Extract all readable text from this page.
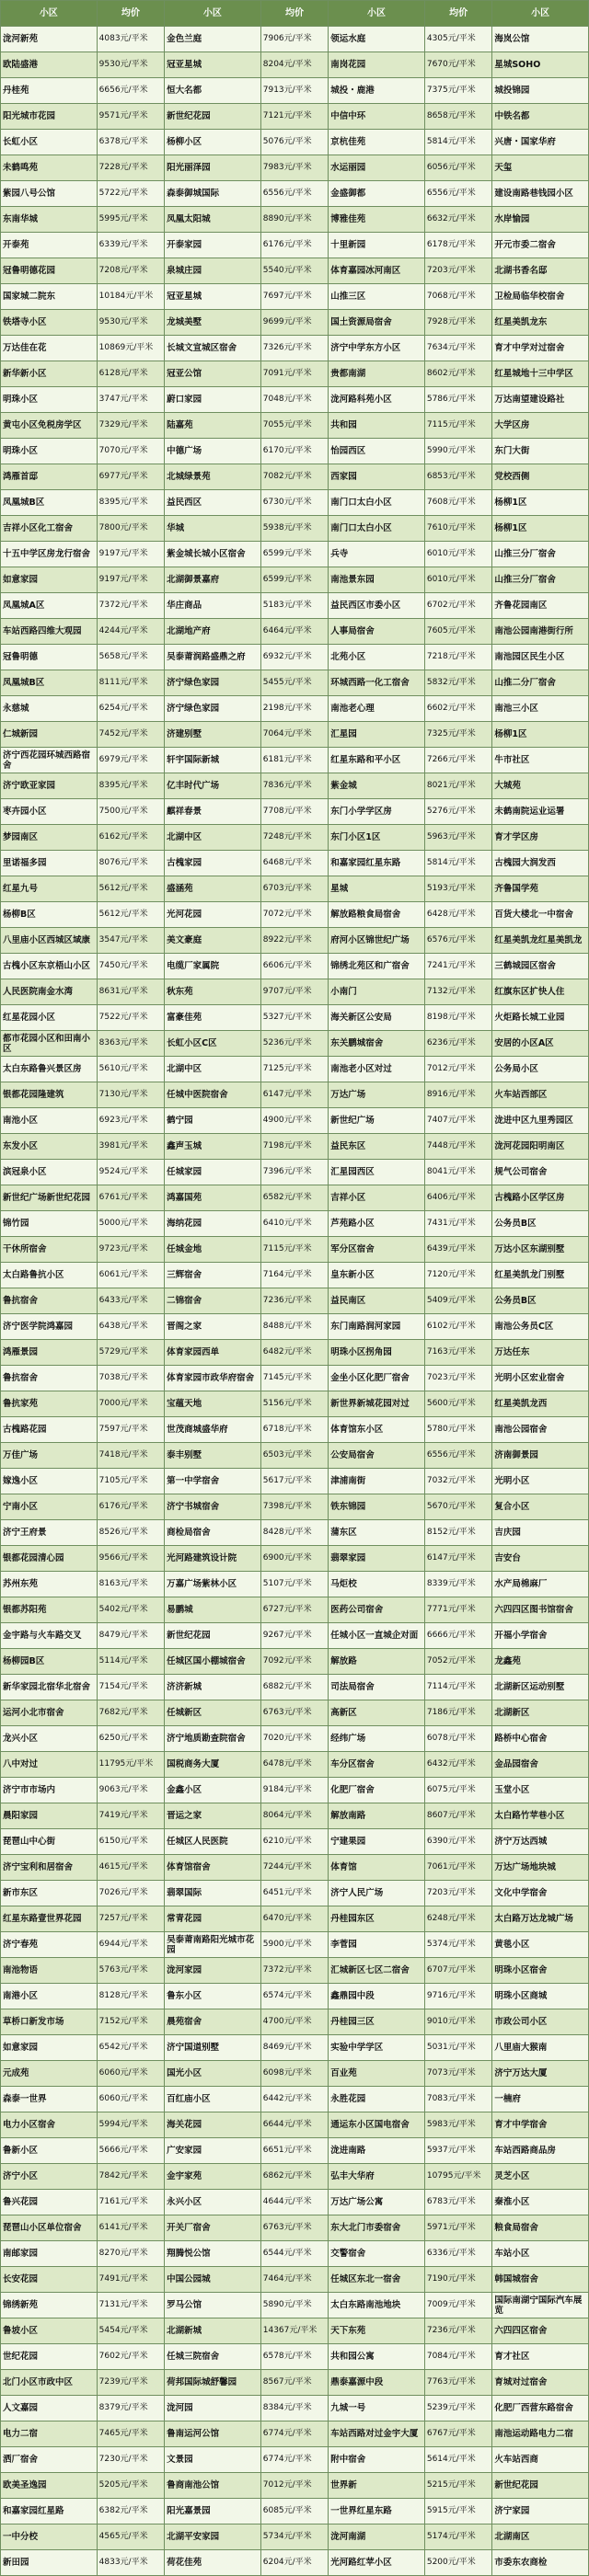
小区	均价	小区	均价	小区	均价	小区
泷河新苑	4083元/平米	金色兰庭	7906元/平米	领运水庭	4305元/平米	海岚公馆
欧陆盛港	9530元/平米	冠亚星城	8204元/平米	南岗花园	7670元/平米	星城SOHO
丹桂苑	6656元/平米	恒大名都	7913元/平米	城投・鹿港	7375元/平米	城投锦园
阳光城市花园	9571元/平米	新世纪花园	7121元/平米	中信中环	8658元/平米	中铁名都
长虹小区	6378元/平米	杨柳小区	5076元/平米	京杭佳苑	5814元/平米	兴唐・国家华府
未鹤鸣苑	7228元/平米	阳光丽泽园	7983元/平米	水运丽园	6056元/平米	天玺
紫园八号公馆	5722元/平米	森泰御城国际	6556元/平米	金盛御都	6556元/平米	建设南路巷钱园小区
东南华城	5995元/平米	凤凰太阳城	8890元/平米	博雅佳苑	6632元/平米	水岸愉园
开泰苑	6339元/平米	开泰家园	6176元/平米	十里新园	6178元/平米	开元市委二宿舍
冠鲁明德花园	7208元/平米	泉城庄园	5540元/平米	体育嘉园冰河南区	7203元/平米	北湖书香名邸
国家城二院东	10184元/平米	冠亚星城	7697元/平米	山推三区	7068元/平米	卫检局临华校宿舍
铁塔寺小区	9530元/平米	龙城美墅	9699元/平米	国土资源局宿舍	7928元/平米	红星美凯龙东
万达佳在花	10869元/平米	长城文宣城区宿舍	7326元/平米	济宁中学东方小区	7634元/平米	育才中学对过宿舍
新华新小区	6128元/平米	冠亚公馆	7091元/平米	贵都南湖	8602元/平米	红星城地十三中学区
明珠小区	3747元/平米	蔚口家园	7048元/平米	泷河路科苑小区	5786元/平米	万达南望建设路社
黄屯小区免税房学区	7329元/平米	陆嘉苑	7055元/平米	共和园	7115元/平米	大学区房
明珠小区	7070元/平米	中德广场	6170元/平米	怡园西区	5990元/平米	东门大街
鸿雁首邸	6977元/平米	北城绿景苑	7082元/平米	西家园	6853元/平米	党校西侧
凤凰城B区	8395元/平米	益民西区	6730元/平米	南门口太白小区	7608元/平米	杨柳1区
吉祥小区化工宿舍	7800元/平米	华城	5938元/平米	南门口太白小区	7610元/平米	杨柳1区
十五中学区房龙行宿舍	9197元/平米	紫金城长城小区宿舍	6599元/平米	兵寺	6010元/平米	山推三分厂宿舍
如意家园	9197元/平米	北湖御景嘉府	6599元/平米	南池景东园	6010元/平米	山推三分厂宿舍
凤凰城A区	7372元/平米	华庄商品	5183元/平米	益民西区市委小区	6702元/平米	齐鲁花园南区
车站西路四维大观园	4244元/平米	北湖地产府	6464元/平米	人事局宿舍	7605元/平米	南池公园南港街行所
冠鲁明德	5658元/平米	吴泰莆润路盛鼎之府	6932元/平米	北苑小区	7218元/平米	南池园区民生小区
凤凰城B区	8111元/平米	济宁绿色家园	5455元/平米	环城西路一化工宿舍	5832元/平米	山推二分厂宿舍
永慈城	6254元/平米	济宁绿色家园	2198元/平米	南池老心理	6602元/平米	南池三小区
仁城新园	7452元/平米	济建别墅	7064元/平米	汇星园	7325元/平米	杨柳1区
济宁西花园环城西路宿舍	6979元/平米	轩宇国际新城	6181元/平米	红星东路和平小区	7266元/平米	牛市社区
济宁欧亚家园	8395元/平米	亿丰时代广场	7836元/平米	紫金城	8021元/平米	大城苑
枣卉园小区	7500元/平米	麒祥春景	7708元/平米	东门小学学区房	5276元/平米	未鹤南院运业运署
梦园南区	6162元/平米	北湖中区	7248元/平米	东门小区1区	5963元/平米	育才学区房
里诺福多园	8076元/平米	古槐家园	6468元/平米	和嘉家园红星东路	5814元/平米	古槐园大润发西
红星九号	5612元/平米	盛涵苑	6703元/平米	星城	5193元/平米	齐鲁国学苑
杨柳B区	5612元/平米	光河花园	7072元/平米	解放路粮食局宿舍	6428元/平米	百货大楼北一中宿舍
八里庙小区西城区域康	3547元/平米	美文豪庭	8922元/平米	府河小区锦世纪广场	6576元/平米	红星美凯龙红星美凯龙
古槐小区东京梧山小区	7450元/平米	电缆厂家属院	6606元/平米	锦绣北苑区和广宿舍	7241元/平米	三鹤城园区宿舍
人民医院南金水湾	8631元/平米	秋东苑	9707元/平米	小南门	7132元/平米	红旗东区扩快人住
红星花园小区	7522元/平米	富豪佳苑	5327元/平米	海关新区公安局	8198元/平米	火炬路长城工业园
都市花园小区和田南小区	8363元/平米	长虹小区C区	5236元/平米	东关鹏城宿舍	6236元/平米	安居的小区A区
太白东路鲁兴景区房	5610元/平米	北湖中区	7125元/平米	南池老小区对过	7012元/平米	公务局小区
银都花园隆建筑	7130元/平米	任城中医院宿舍	6147元/平米	万达广场	8916元/平米	火车站西部区
南池小区	6923元/平米	鹤宁园	4900元/平米	新世纪广场	7407元/平米	泷进中区九里秀园区
东发小区	3981元/平米	鑫声玉城	7198元/平米	益民东区	7448元/平米	泷河花园阳明南区
滨冠泉小区	9524元/平米	任城家园	7396元/平米	汇星园西区	8041元/平米	规气公司宿舍
新世纪广场新世纪花园	6761元/平米	鸿嘉国苑	6582元/平米	吉祥小区	6406元/平米	古槐路小区学区房
锦竹园	5000元/平米	海纳花园	6410元/平米	芦苑路小区	7431元/平米	公务员B区
干休所宿舍	9723元/平米	任城金地	7115元/平米	军分区宿舍	6439元/平米	万达小区东湖别墅
太白路鲁抗小区	6061元/平米	三辉宿舍	7164元/平米	皇东新小区	7120元/平米	红星美凯龙门别墅
鲁抗宿舍	6433元/平米	二锦宿舍	7236元/平米	益民南区	5409元/平米	公务员B区
济宁医学院鸿嘉园	6438元/平米	晋阁之家	8488元/平米	东门南路润河家园	6102元/平米	南池公务员C区
鸿雁景园	5729元/平米	体育家园西单	6482元/平米	明珠小区拐角园	7163元/平米	万达任东
鲁抗宿舍	7038元/平米	体育家园市政华府宿舍	7145元/平米	金坐小区化肥厂宿舍	7023元/平米	光明小区宏业宿舍
鲁抗家苑	7000元/平米	宝蕴天地	5156元/平米	新世界新城花园对过	5600元/平米	红星美凯龙西
古槐路花园	7597元/平米	世茂商城盛华府	6718元/平米	体育馆东小区	5780元/平米	南池公园宿舍
万佳广场	7418元/平米	泰丰别墅	6503元/平米	公安局宿舍	6556元/平米	济南御景园
嫁逸小区	7105元/平米	第一中学宿舍	5617元/平米	津浦南街	7032元/平米	光明小区
宁南小区	6176元/平米	济宁书城宿舍	7398元/平米	铁东锦园	5670元/平米	复合小区
济宁王府景	8526元/平米	商检局宿舍	8428元/平米	蒲东区	8152元/平米	吉庆园
银都花园清心园	9566元/平米	光河路建筑设计院	6900元/平米	翡翠家园	6147元/平米	吉安台
苏州东苑	8163元/平米	万嘉广场紫林小区	5107元/平米	马炬校	8339元/平米	水产局棉麻厂
银都苏阳苑	5402元/平米	易鹏城	6727元/平米	医药公司宿舍	7771元/平米	六四四区图书馆宿舍
金宇路与火车路交叉	8479元/平米	新世纪花园	9267元/平米	任城小区一直城企对面	6666元/平米	开福小学宿舍
杨柳园B区	5114元/平米	任城区国小棚城宿舍	7092元/平米	解放路	7052元/平米	龙鑫苑
新华家园北宿华北宿舍	7154元/平米	济济新城	6882元/平米	司法局宿舍	7114元/平米	北湖新区运动别墅
运河小北市宿舍	7682元/平米	任城新区	6763元/平米	高新区	7186元/平米	北湖新区
龙兴小区	6250元/平米	济宁地质勘查院宿舍	7020元/平米	经纬广场	6078元/平米	路桥中心宿舍
八中对过	11795元/平米	国税商务大厦	6478元/平米	车分区宿舍	6432元/平米	金品园宿舍
济宁市市场内	9063元/平米	金鑫小区	9184元/平米	化肥厂宿舍	6075元/平米	玉堂小区
晨阳家园	7419元/平米	晋运之家	8064元/平米	解放南路	8607元/平米	太白路竹苹巷小区
琵琶山中心街	6150元/平米	任城区人民医院	6210元/平米	宁建果园	6390元/平米	济宁万达西城
济宁宝利和居宿舍	4615元/平米	体育馆宿舍	7244元/平米	体育馆	7061元/平米	万达广场地块城
新市东区	7026元/平米	翡翠国际	6451元/平米	济宁人民广场	7203元/平米	文化中学宿舍
红星东路壹世界花园	7257元/平米	常青花园	6470元/平米	丹桂园东区	6248元/平米	太白路万达龙城广场
济宁春苑	6944元/平米	吴泰莆南路阳光城市花园	5900元/平米	李菅园	5374元/平米	黄毯小区
南池物语	5763元/平米	泷河家园	7372元/平米	汇城新区七区二宿舍	6707元/平米	明珠小区宿舍
南港小区	8128元/平米	鲁东小区	6574元/平米	鑫鼎园中段	9716元/平米	明珠小区商城
草桥口新发市场	7152元/平米	晨苑宿舍	4700元/平米	丹桂园三区	9010元/平米	市政公司小区
如意家园	6542元/平米	济宁国道别墅	8469元/平米	实验中学学区	5031元/平米	八里庙大猴南
元成苑	6060元/平米	国光小区	6098元/平米	百业苑	7073元/平米	济宁万达大厦
森泰一世界	6060元/平米	百红庙小区	6442元/平米	永胜花园	7083元/平米	一楠府
电力小区宿舍	5994元/平米	海关花园	6644元/平米	通运东小区国电宿舍	5983元/平米	育才中学宿舍
鲁新小区	5666元/平米	广安家园	6651元/平米	泷进南路	5937元/平米	车站西路商品房
济宁小区	7842元/平米	金宇家苑	6862元/平米	弘丰大华府	10795元/平米	灵芝小区
鲁兴花园	7161元/平米	永兴小区	4644元/平米	万达广场公寓	6783元/平米	秦淮小区
琵琶山小区单位宿舍	6141元/平米	开关厂宿舍	6763元/平米	东大北门市委宿舍	5971元/平米	粮食局宿舍
南邮家园	8270元/平米	翔腾悦公馆	6544元/平米	交警宿舍	6336元/平米	车站小区
长安花园	7491元/平米	中国公园城	7464元/平米	任城区东北一宿舍	7190元/平米	韩国城宿舍
锦绣新苑	7131元/平米	罗马公馆	5890元/平米	太白东路南池地块	7009元/平米	国际南湖宁国际汽车展览
鲁坡小区	5454元/平米	北湖新城	14367元/平米	天下东苑	7236元/平米	六四四区宿舍
世纪花园	7602元/平米	任城三院宿舍	6578元/平米	共和园公寓	7084元/平米	育才社区
北门小区市政中区	7239元/平米	荷邦国际城舒馨园	8567元/平米	鼎泰嘉源中段	7763元/平米	育城对过宿舍
人文嘉园	8379元/平米	泷河园	8384元/平米	九城一号	5239元/平米	化肥厂西营东路宿舍
电力二宿	7465元/平米	鲁南运河公馆	6774元/平米	车站西路对过金宇大厦	6767元/平米	南池运动路电力二宿
洒厂宿舍	7230元/平米	文景园	6774元/平米	附中宿舍	5614元/平米	火车站西商
欧美圣逸园	5205元/平米	鲁商南池公馆	7012元/平米	世界新	5215元/平米	新世纪花园
和嘉家园红星路	6382元/平米	阳光嘉景园	6085元/平米	一世界红星东路	5915元/平米	济宁家园
一中分校	4565元/平米	北湖平安家园	5734元/平米	泷河南湖	5174元/平米	北湖南区
新田园	4833元/平米	荷花佳苑	6204元/平米	光河路红苹小区	5200元/平米	市委东农商检
